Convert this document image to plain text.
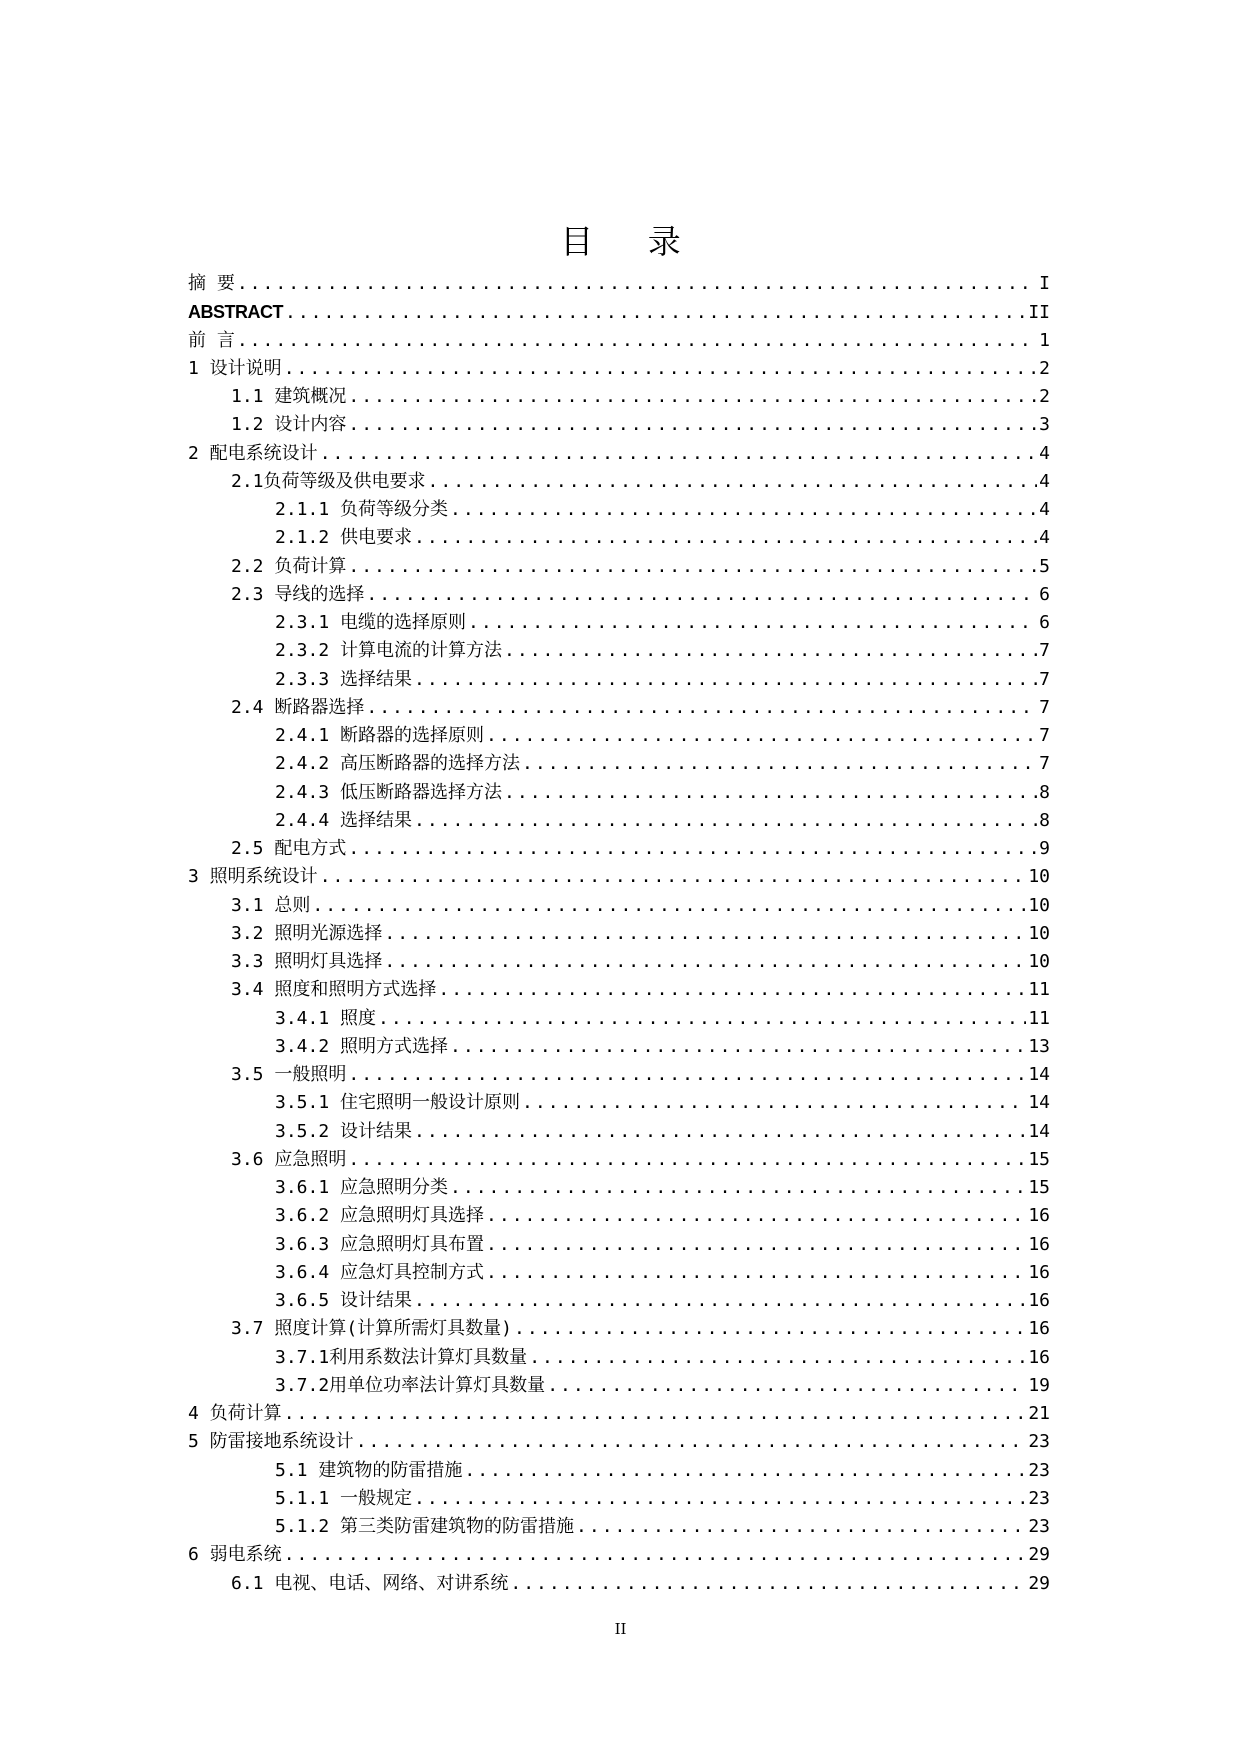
目 录
摘 要 .....	I
ABSTRACT .....	II
前 言 .....	1
1 设计说明 .....	2
1.1 建筑概况 .....	2
1.2 设计内容 .....	3
2 配电系统设计 .....	4
2.1负荷等级及供电要求 .....	4
2.1.1 负荷等级分类 .....	4
2.1.2 供电要求 .....	4
2.2 负荷计算 .....	5
2.3 导线的选择 .....	6
2.3.1 电缆的选择原则 .....	6
2.3.2 计算电流的计算方法 .....	7
2.3.3 选择结果 .....	7
2.4 断路器选择 .....	7
2.4.1 断路器的选择原则 .....	7
2.4.2 高压断路器的选择方法 .....	7
2.4.3 低压断路器选择方法 .....	8
2.4.4 选择结果 .....	8
2.5 配电方式 .....	9
3 照明系统设计 .....	10
3.1 总则 .....	10
3.2 照明光源选择 .....	10
3.3 照明灯具选择 .....	10
3.4 照度和照明方式选择 .....	11
3.4.1 照度 .....	11
3.4.2 照明方式选择 .....	13
3.5 一般照明 .....	14
3.5.1 住宅照明一般设计原则 .....	14
3.5.2 设计结果 .....	14
3.6 应急照明 .....	15
3.6.1 应急照明分类 .....	15
3.6.2 应急照明灯具选择 .....	16
3.6.3 应急照明灯具布置 .....	16
3.6.4 应急灯具控制方式 .....	16
3.6.5 设计结果 .....	16
3.7 照度计算(计算所需灯具数量) .....	16
3.7.1利用系数法计算灯具数量 .....	16
3.7.2用单位功率法计算灯具数量 .....	19
4 负荷计算 .....	21
5 防雷接地系统设计 .....	23
5.1 建筑物的防雷措施 .....	23
5.1.1 一般规定 .....	23
5.1.2 第三类防雷建筑物的防雷措施 .....	23
6 弱电系统 .....	29
6.1 电视、电话、网络、对讲系统 .....	29
II
